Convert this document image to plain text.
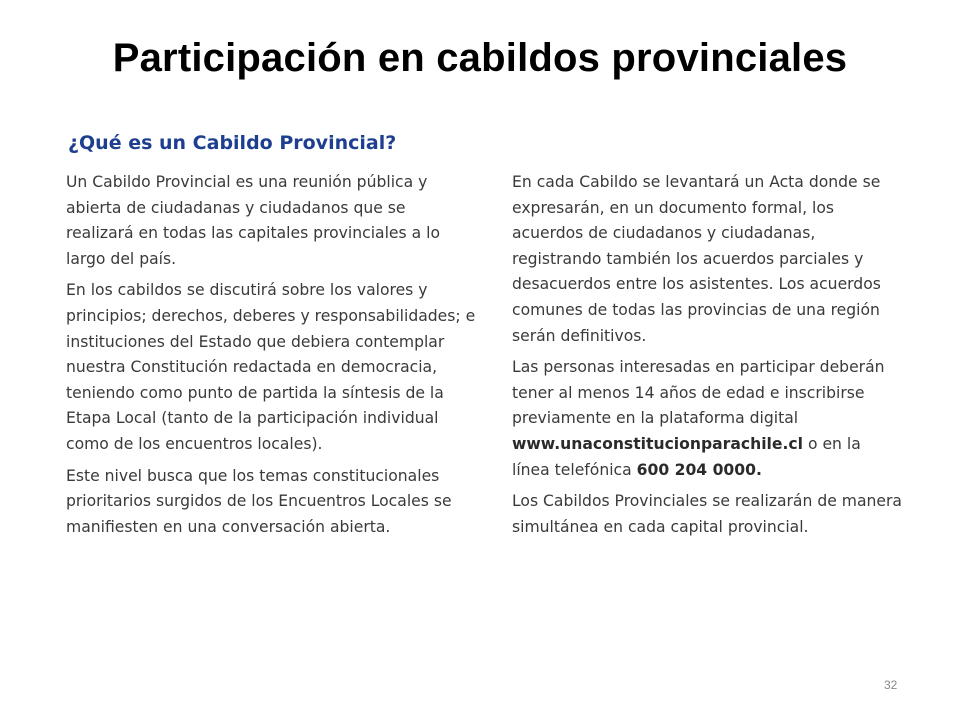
Participación en cabildos provinciales
¿Qué es un Cabildo Provincial?

Un Cabildo Provincial es una reunión pública y abierta de ciudadanas y ciudadanos que se realizará en todas las capitales provinciales a lo largo del país.

En los cabildos se discutirá sobre los valores y principios; derechos, deberes y responsabilidades; e instituciones del Estado que debiera contemplar nuestra Constitución redactada en democracia, teniendo como punto de partida la síntesis de la Etapa Local (tanto de la participación individual como de los encuentros locales).

Este nivel busca que los temas constitucionales prioritarios surgidos de los Encuentros Locales se manifiesten en una conversación abierta.

En cada Cabildo se levantará un Acta donde se expresarán, en un documento formal, los acuerdos de ciudadanos y ciudadanas, registrando también los acuerdos parciales y desacuerdos entre los asistentes. Los acuerdos comunes de todas las provincias de una región serán definitivos.

Las personas interesadas en participar deberán tener al menos 14 años de edad e inscribirse previamente en la plataforma digital www.unaconstitucionparachile.cl o en la línea telefónica 600 204 0000.

Los Cabildos Provinciales se realizarán de manera simultánea en cada capital provincial.

32
